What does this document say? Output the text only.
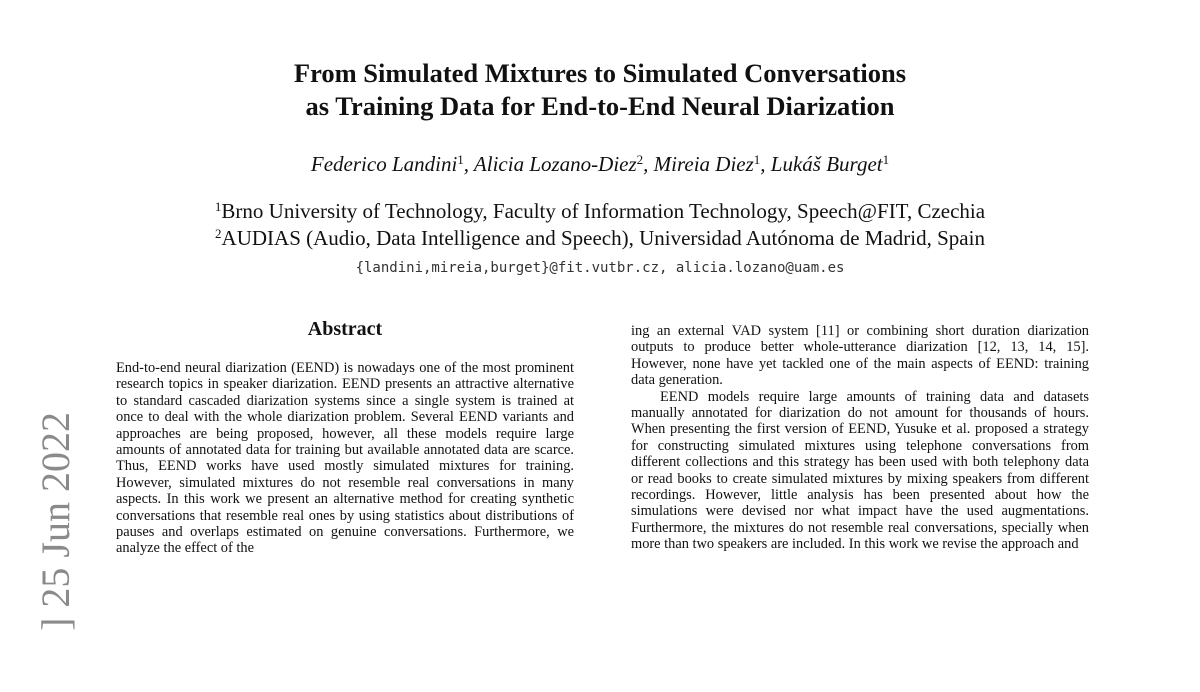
From Simulated Mixtures to Simulated Conversations
as Training Data for End-to-End Neural Diarization
Federico Landini$^1$, Alicia Lozano-Diez$^2$, Mireia Diez$^1$, Lukáš Burget$^1$
$^1$Brno University of Technology, Faculty of Information Technology, Speech@FIT, Czechia
$^2$AUDIAS (Audio, Data Intelligence and Speech), Universidad Autónoma de Madrid, Spain
{landini,mireia,burget}@fit.vutbr.cz, alicia.lozano@uam.es
Abstract

End-to-end neural diarization (EEND) is nowadays one of the most prominent research topics in speaker diarization. EEND presents an attractive alternative to standard cascaded diarization systems since a single system is trained at once to deal with the whole diarization problem. Several EEND variants and approaches are being proposed, however, all these models require large amounts of annotated data for training but available annotated data are scarce. Thus, EEND works have used mostly simulated mixtures for training. However, simulated mixtures do not resemble real conversations in many aspects. In this work we present an alternative method for creating synthetic conversations that resemble real ones by using statistics about distributions of pauses and overlaps estimated on genuine conversations. Furthermore, we analyze the effect of the

ing an external VAD system [11] or combining short duration diarization outputs to produce better whole-utterance diarization [12, 13, 14, 15]. However, none have yet tackled one of the main aspects of EEND: training data generation.

EEND models require large amounts of training data and datasets manually annotated for diarization do not amount for thousands of hours. When presenting the first version of EEND, Yusuke et al. proposed a strategy for constructing simulated mixtures using telephone conversations from different collections and this strategy has been used with both telephony data or read books to create simulated mixtures by mixing speakers from different recordings. However, little analysis has been presented about how the simulations were devised nor what impact have the used augmentations. Furthermore, the mixtures do not resemble real conversations, specially when more than two speakers are included. In this work we revise the approach and

] 25 Jun 2022
